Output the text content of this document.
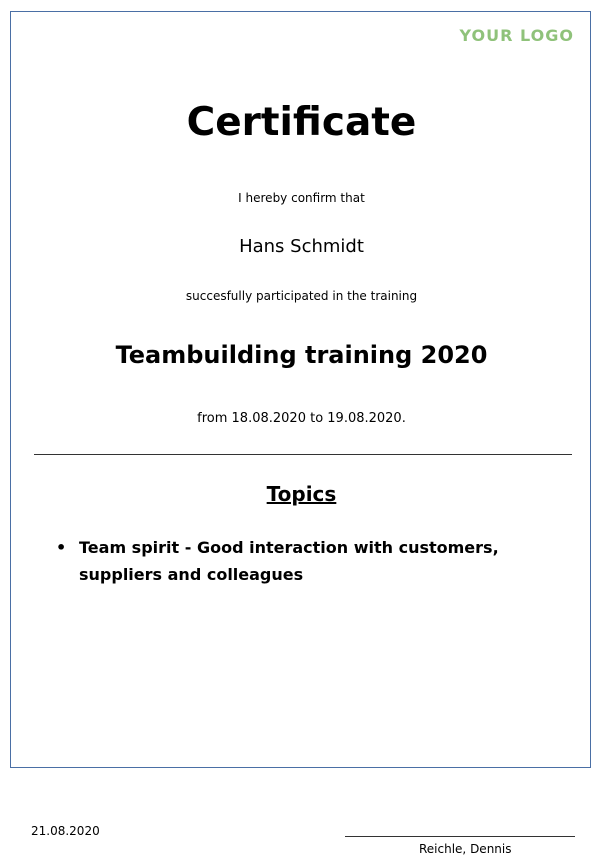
YOUR LOGO
Certificate
I hereby confirm that
Hans Schmidt
succesfully participated in the training
Teambuilding training 2020
from 18.08.2020 to 19.08.2020.
Topics
• Team spirit - Good interaction with customers, suppliers and colleagues
21.08.2020
Reichle, Dennis
